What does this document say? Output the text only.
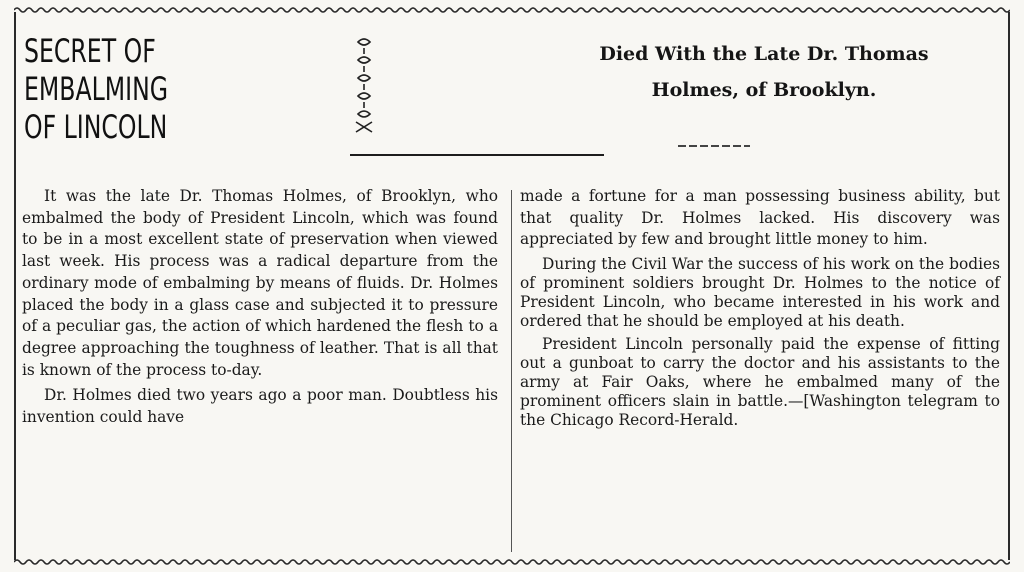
SECRET OF
EMBALMING
OF LINCOLN
Died With the Late Dr. Thomas
Holmes, of Brooklyn.

It was the late Dr. Thomas Holmes, of Brooklyn, who embalmed the body of President Lincoln, which was found to be in a most excellent state of preservation when viewed last week. His process was a radical departure from the ordinary mode of embalming by means of fluids. Dr. Holmes placed the body in a glass case and subjected it to pressure of a peculiar gas, the action of which hardened the flesh to a degree approaching the toughness of leather. That is all that is known of the process to-day.

Dr. Holmes died two years ago a poor man. Doubtless his invention could have

made a fortune for a man possessing business ability, but that quality Dr. Holmes lacked. His discovery was appreciated by few and brought little money to him.

During the Civil War the success of his work on the bodies of prominent soldiers brought Dr. Holmes to the notice of President Lincoln, who became interested in his work and ordered that he should be employed at his death.

President Lincoln personally paid the expense of fitting out a gunboat to carry the doctor and his assistants to the army at Fair Oaks, where he embalmed many of the prominent officers slain in battle.—[Washington telegram to the Chicago Record-Herald.
